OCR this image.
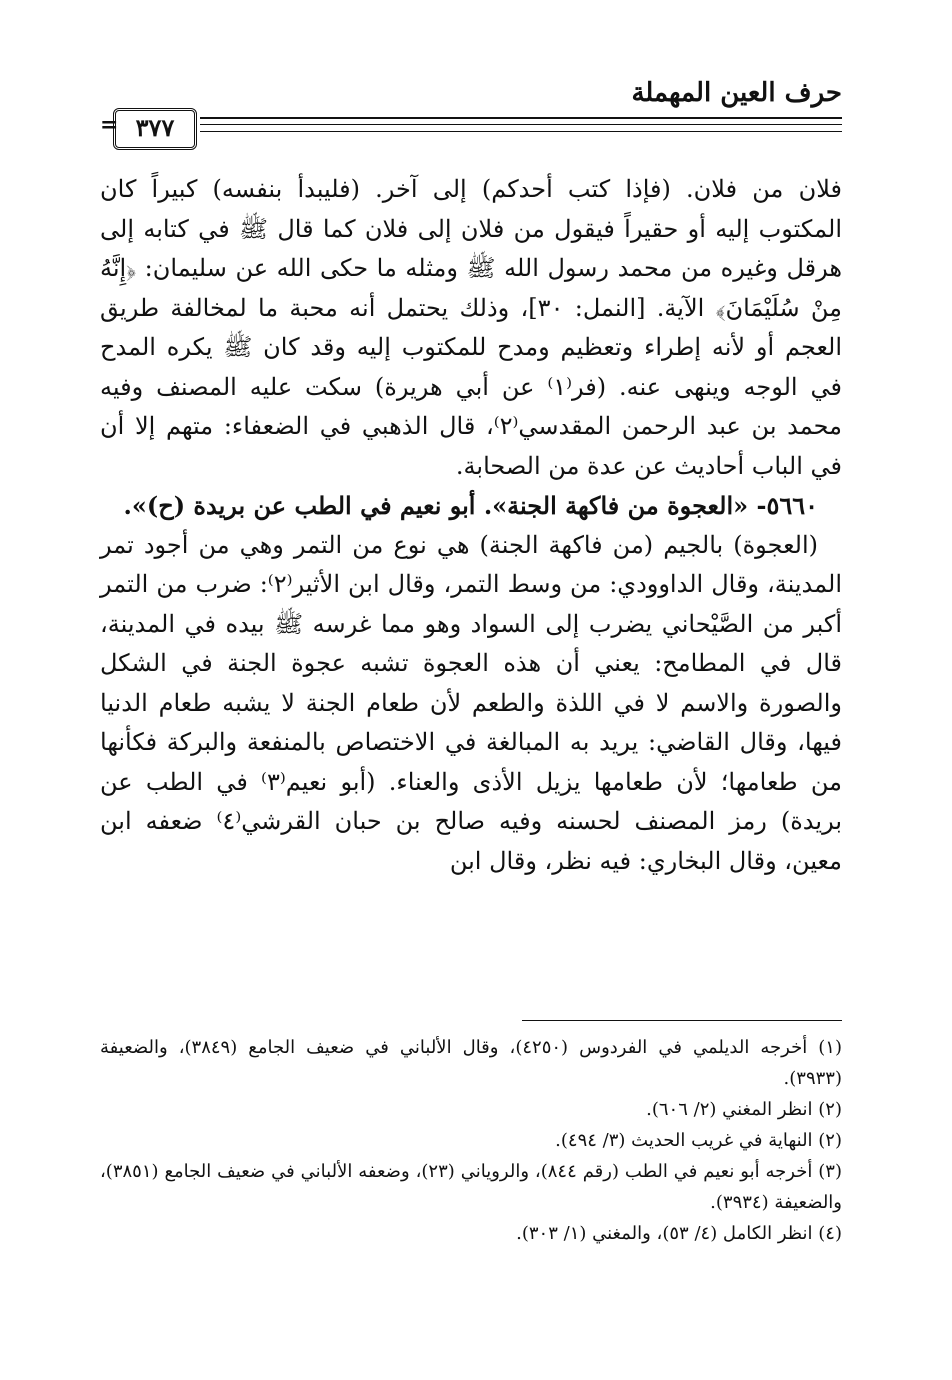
حرف العين المهملة
٣٧٧
=

فلان من فلان. (فإذا كتب أحدكم) إلى آخر. (فليبدأ بنفسه) كبيراً كان المكتوب إليه أو حقيراً فيقول من فلان إلى فلان كما قال ﷺ في كتابه إلى هرقل وغيره من محمد رسول الله ﷺ ومثله ما حكى الله عن سليمان: ﴿إِنَّهُ مِنْ سُلَيْمَانَ﴾ الآية. [النمل: ٣٠]، وذلك يحتمل أنه محبة ما لمخالفة طريق العجم أو لأنه إطراء وتعظيم ومدح للمكتوب إليه وقد كان ﷺ يكره المدح في الوجه وينهى عنه. (فر⁽١⁾ عن أبي هريرة) سكت عليه المصنف وفيه محمد بن عبد الرحمن المقدسي⁽٢⁾، قال الذهبي في الضعفاء: متهم إلا أن في الباب أحاديث عن عدة من الصحابة.

٥٦٦٠- «العجوة من فاكهة الجنة». أبو نعيم في الطب عن بريدة (ح)».

(العجوة) بالجيم (من فاكهة الجنة) هي نوع من التمر وهي من أجود تمر المدينة، وقال الداوودي: من وسط التمر، وقال ابن الأثير⁽٢⁾: ضرب من التمر أكبر من الصَّيْحاني يضرب إلى السواد وهو مما غرسه ﷺ بيده في المدينة، قال في المطامح: يعني أن هذه العجوة تشبه عجوة الجنة في الشكل والصورة والاسم لا في اللذة والطعم لأن طعام الجنة لا يشبه طعام الدنيا فيها، وقال القاضي: يريد به المبالغة في الاختصاص بالمنفعة والبركة فكأنها من طعامها؛ لأن طعامها يزيل الأذى والعناء. (أبو نعيم⁽٣⁾ في الطب عن بريدة) رمز المصنف لحسنه وفيه صالح بن حبان القرشي⁽٤⁾ ضعفه ابن معين، وقال البخاري: فيه نظر، وقال ابن

(١) أخرجه الديلمي في الفردوس (٤٢٥٠)، وقال الألباني في ضعيف الجامع (٣٨٤٩)، والضعيفة (٣٩٣٣).

(٢) انظر المغني (٢/ ٦٠٦).

(٢) النهاية في غريب الحديث (٣/ ٤٩٤).

(٣) أخرجه أبو نعيم في الطب (رقم ٨٤٤)، والروياني (٢٣)، وضعفه الألباني في ضعيف الجامع (٣٨٥١)، والضعيفة (٣٩٣٤).

(٤) انظر الكامل (٤/ ٥٣)، والمغني (١/ ٣٠٣).
